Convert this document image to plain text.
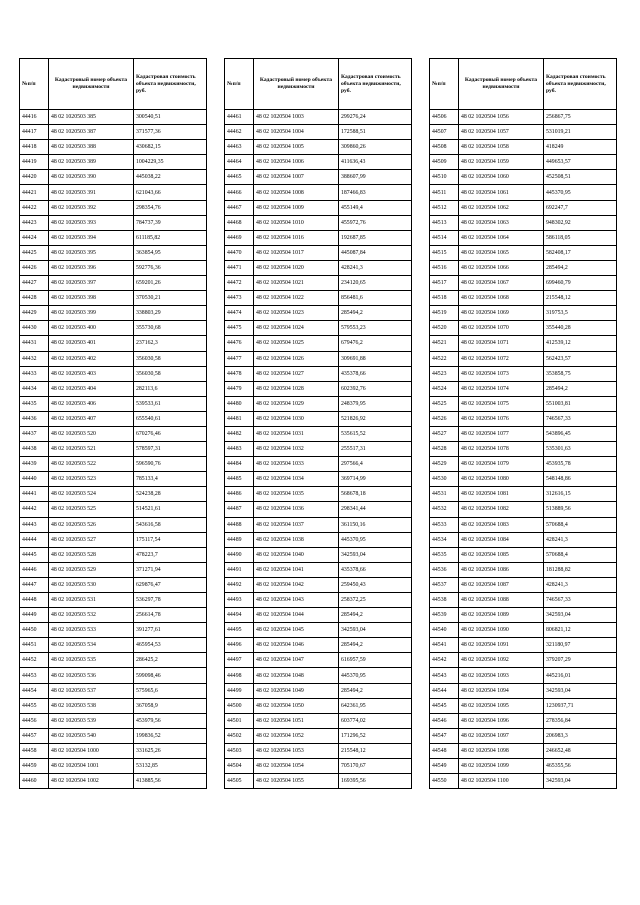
№п/п	Кадастровый номер объекта недвижимости	Кадастровая стоимость объекта недвижимости, руб.
44416	48 02 1020503 385	300540,51
44417	48 02 1020503 387	371577,36
44418	48 02 1020503 388	430682,15
44419	48 02 1020503 389	1004229,35
44420	48 02 1020503 390	445038,22
44421	48 02 1020503 391	621043,66
44422	48 02 1020503 392	298354,76
44423	48 02 1020503 393	784737,39
44424	48 02 1020503 394	611185,82
44425	48 02 1020503 395	363854,95
44426	48 02 1020503 396	592776,36
44427	48 02 1020503 397	659201,26
44428	48 02 1020503 398	370530,21
44429	48 02 1020503 399	338803,29
44430	48 02 1020503 400	355730,68
44431	48 02 1020503 401	237162,3
44432	48 02 1020503 402	356030,58
44433	48 02 1020503 403	356030,58
44434	48 02 1020503 404	282113,6
44435	48 02 1020503 406	539533,61
44436	48 02 1020503 407	655540,61
44437	48 02 1020503 520	670276,46
44438	48 02 1020503 521	578597,31
44439	48 02 1020503 522	596590,76
44440	48 02 1020503 523	785133,4
44441	48 02 1020503 524	524238,28
44442	48 02 1020503 525	514521,61
44443	48 02 1020503 526	543616,58
44444	48 02 1020503 527	175117,54
44445	48 02 1020503 528	478223,7
44446	48 02 1020503 529	371271,94
44447	48 02 1020503 530	629876,47
44448	48 02 1020503 531	536297,78
44449	48 02 1020503 532	256614,78
44450	48 02 1020503 533	391277,61
44451	48 02 1020503 534	465954,53
44452	48 02 1020503 535	286425,2
44453	48 02 1020503 536	599098,46
44454	48 02 1020503 537	575965,6
44455	48 02 1020503 538	367058,9
44456	48 02 1020503 539	453979,56
44457	48 02 1020503 540	199836,52
44458	48 02 1020504 1000	331625,26
44459	48 02 1020504 1001	53132,85
44460	48 02 1020504 1002	413885,56
№п/п	Кадастровый номер объекта недвижимости	Кадастровая стоимость объекта недвижимости, руб.
44461	48 02 1020504 1003	299276,24
44462	48 02 1020504 1004	172588,51
44463	48 02 1020504 1005	309860,26
44464	48 02 1020504 1006	411636,43
44465	48 02 1020504 1007	388607,99
44466	48 02 1020504 1008	187466,83
44467	48 02 1020504 1009	455149,4
44468	48 02 1020504 1010	455972,76
44469	48 02 1020504 1016	192687,85
44470	48 02 1020504 1017	445087,84
44471	48 02 1020504 1020	428241,3
44472	48 02 1020504 1021	234120,65
44473	48 02 1020504 1022	856481,6
44474	48 02 1020504 1023	285494,2
44475	48 02 1020504 1024	579553,23
44476	48 02 1020504 1025	679476,2
44477	48 02 1020504 1026	309691,88
44478	48 02 1020504 1027	435378,66
44479	48 02 1020504 1028	602392,76
44480	48 02 1020504 1029	248379,95
44481	48 02 1020504 1030	521826,92
44482	48 02 1020504 1031	535615,52
44483	48 02 1020504 1032	255517,31
44484	48 02 1020504 1033	297566,4
44485	48 02 1020504 1034	369714,99
44486	48 02 1020504 1035	568678,18
44487	48 02 1020504 1036	298341,44
44488	48 02 1020504 1037	361150,16
44489	48 02 1020504 1038	445370,95
44490	48 02 1020504 1040	342593,04
44491	48 02 1020504 1041	435378,66
44492	48 02 1020504 1042	259450,43
44493	48 02 1020504 1043	258372,25
44494	48 02 1020504 1044	285494,2
44495	48 02 1020504 1045	342593,04
44496	48 02 1020504 1046	285494,2
44497	48 02 1020504 1047	616957,59
44498	48 02 1020504 1048	445370,95
44499	48 02 1020504 1049	285494,2
44500	48 02 1020504 1050	642361,95
44501	48 02 1020504 1051	603774,02
44502	48 02 1020504 1052	171296,52
44503	48 02 1020504 1053	215548,12
44504	48 02 1020504 1054	705170,67
44505	48 02 1020504 1055	169395,56
№п/п	Кадастровый номер объекта недвижимости	Кадастровая стоимость объекта недвижимости, руб.
44506	48 02 1020504 1056	256867,75
44507	48 02 1020504 1057	531019,21
44508	48 02 1020504 1058	418249
44509	48 02 1020504 1059	449653,57
44510	48 02 1020504 1060	452508,51
44511	48 02 1020504 1061	445370,95
44512	48 02 1020504 1062	692247,7
44513	48 02 1020504 1063	948302,92
44514	48 02 1020504 1064	586118,05
44515	48 02 1020504 1065	582408,17
44516	48 02 1020504 1066	285494,2
44517	48 02 1020504 1067	699460,79
44518	48 02 1020504 1068	215548,12
44519	48 02 1020504 1069	319753,5
44520	48 02 1020504 1070	355440,28
44521	48 02 1020504 1071	412539,12
44522	48 02 1020504 1072	562423,57
44523	48 02 1020504 1073	353858,75
44524	48 02 1020504 1074	285494,2
44525	48 02 1020504 1075	551003,81
44526	48 02 1020504 1076	746567,33
44527	48 02 1020504 1077	543896,45
44528	48 02 1020504 1078	535301,63
44529	48 02 1020504 1079	453935,78
44530	48 02 1020504 1080	548148,86
44531	48 02 1020504 1081	312616,15
44532	48 02 1020504 1082	513889,56
44533	48 02 1020504 1083	570688,4
44534	48 02 1020504 1084	428241,3
44535	48 02 1020504 1085	570688,4
44536	48 02 1020504 1086	181288,82
44537	48 02 1020504 1087	428241,3
44538	48 02 1020504 1088	746567,33
44539	48 02 1020504 1089	342593,04
44540	48 02 1020504 1090	806821,12
44541	48 02 1020504 1091	321180,97
44542	48 02 1020504 1092	379207,29
44543	48 02 1020504 1093	445216,01
44544	48 02 1020504 1094	342593,04
44545	48 02 1020504 1095	1230937,71
44546	48 02 1020504 1096	278356,84
44547	48 02 1020504 1097	206983,3
44548	48 02 1020504 1098	246652,48
44549	48 02 1020504 1099	465355,56
44550	48 02 1020504 1100	342593,04
